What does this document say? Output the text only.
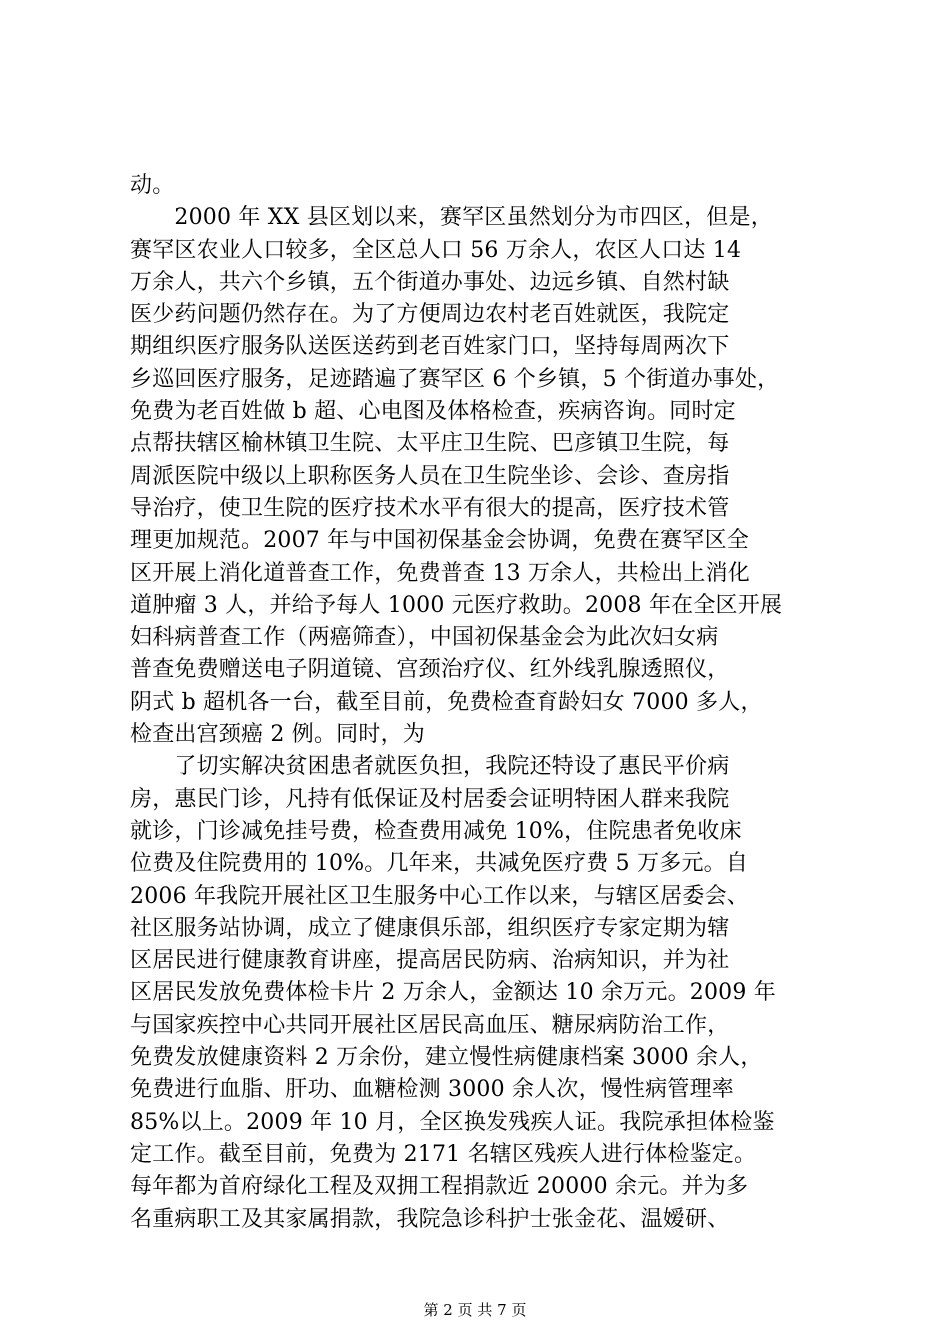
动。
　　2000 年 XX 县区划以来，赛罕区虽然划分为市四区，但是，
赛罕区农业人口较多，全区总人口 56 万余人，农区人口达 14
万余人，共六个乡镇，五个街道办事处、边远乡镇、自然村缺
医少药问题仍然存在。为了方便周边农村老百姓就医，我院定
期组织医疗服务队送医送药到老百姓家门口，坚持每周两次下
乡巡回医疗服务，足迹踏遍了赛罕区 6 个乡镇，5 个街道办事处，
免费为老百姓做 b 超、心电图及体格检查，疾病咨询。同时定
点帮扶辖区榆林镇卫生院、太平庄卫生院、巴彦镇卫生院，每
周派医院中级以上职称医务人员在卫生院坐诊、会诊、查房指
导治疗，使卫生院的医疗技术水平有很大的提高，医疗技术管
理更加规范。2007 年与中国初保基金会协调，免费在赛罕区全
区开展上消化道普查工作，免费普查 13 万余人，共检出上消化
道肿瘤 3 人，并给予每人 1000 元医疗救助。2008 年在全区开展
妇科病普查工作（两癌筛查），中国初保基金会为此次妇女病
普查免费赠送电子阴道镜、宫颈治疗仪、红外线乳腺透照仪，
阴式 b 超机各一台，截至目前，免费检查育龄妇女 7000 多人，
检查出宫颈癌 2 例。同时，为
　　了切实解决贫困患者就医负担，我院还特设了惠民平价病
房，惠民门诊，凡持有低保证及村居委会证明特困人群来我院
就诊，门诊减免挂号费，检查费用减免 10%，住院患者免收床
位费及住院费用的 10%。几年来，共减免医疗费 5 万多元。自
2006 年我院开展社区卫生服务中心工作以来，与辖区居委会、
社区服务站协调，成立了健康俱乐部，组织医疗专家定期为辖
区居民进行健康教育讲座，提高居民防病、治病知识，并为社
区居民发放免费体检卡片 2 万余人，金额达 10 余万元。2009 年
与国家疾控中心共同开展社区居民高血压、糖尿病防治工作，
免费发放健康资料 2 万余份，建立慢性病健康档案 3000 余人，
免费进行血脂、肝功、血糖检测 3000 余人次，慢性病管理率
85%以上。2009 年 10 月，全区换发残疾人证。我院承担体检鉴
定工作。截至目前，免费为 2171 名辖区残疾人进行体检鉴定。
每年都为首府绿化工程及双拥工程捐款近 20000 余元。并为多
名重病职工及其家属捐款，我院急诊科护士张金花、温嫒研、
第 2 页 共 7 页
